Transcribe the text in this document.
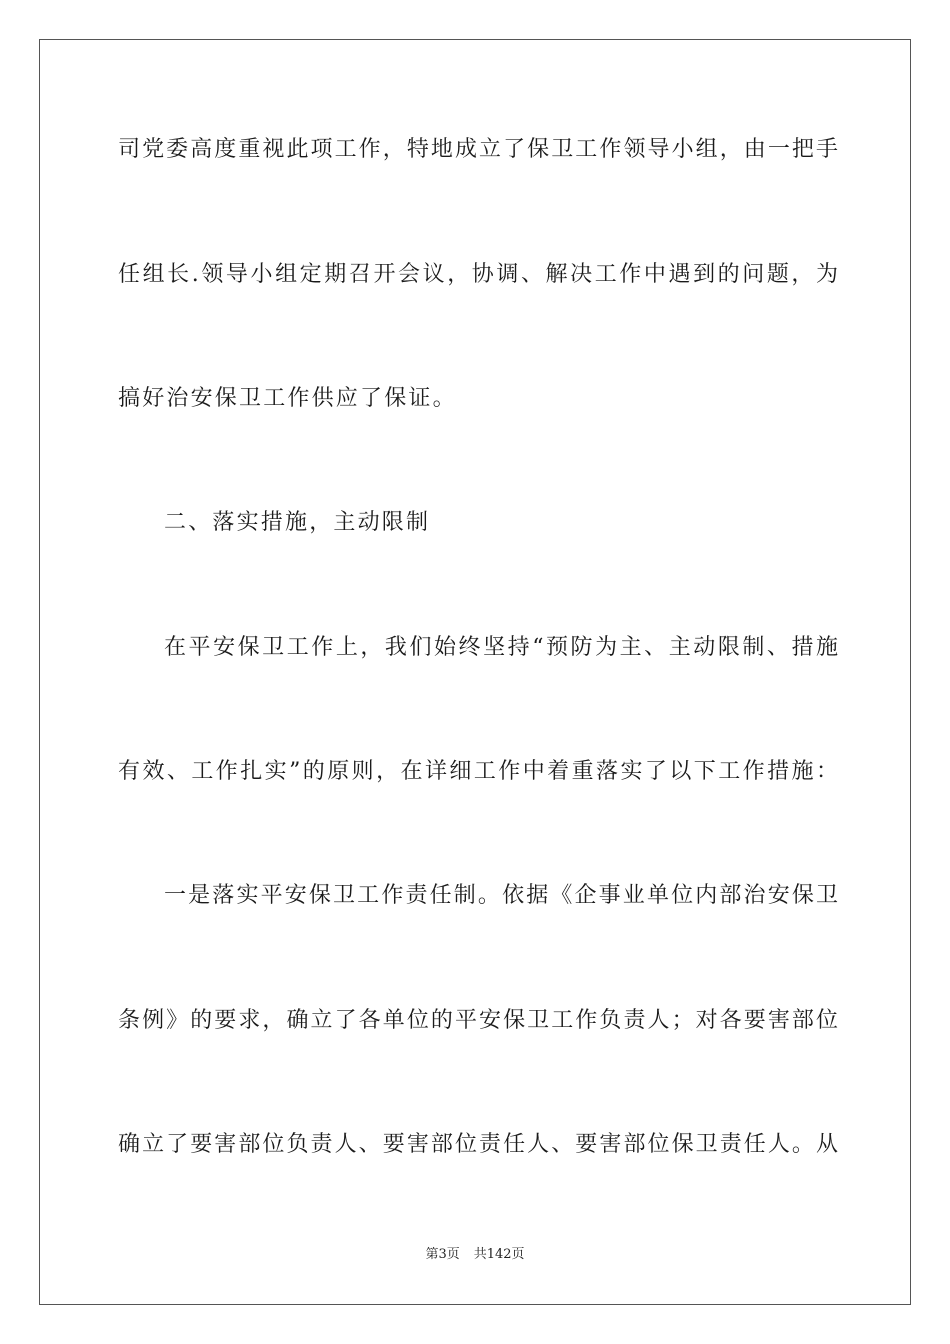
司党委高度重视此项工作，特地成立了保卫工作领导小组，由一把手
任组长.领导小组定期召开会议，协调、解决工作中遇到的问题，为
搞好治安保卫工作供应了保证。
二、落实措施，主动限制
在平安保卫工作上，我们始终坚持“预防为主、主动限制、措施
有效、工作扎实”的原则，在详细工作中着重落实了以下工作措施：
一是落实平安保卫工作责任制。依据《企事业单位内部治安保卫
条例》的要求，确立了各单位的平安保卫工作负责人；对各要害部位
确立了要害部位负责人、要害部位责任人、要害部位保卫责任人。从
第3页 共142页
